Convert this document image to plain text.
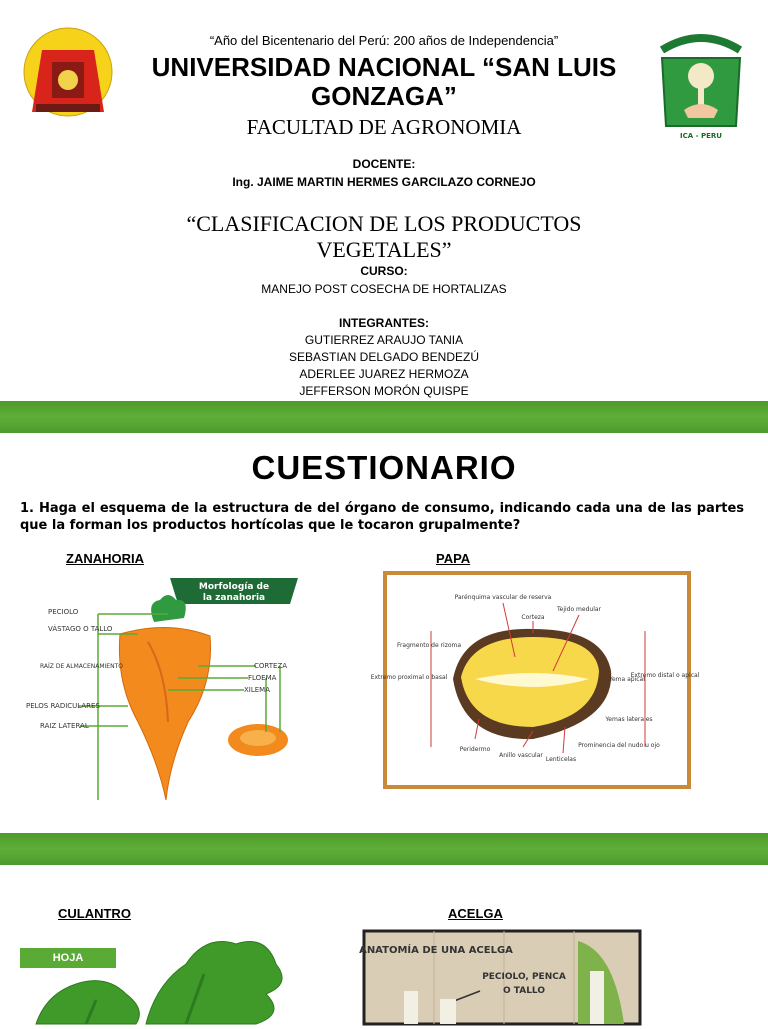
ICA - PERU
“Año del Bicentenario del Perú: 200 años de Independencia”
UNIVERSIDAD NACIONAL “SAN LUIS GONZAGA”
FACULTAD DE AGRONOMIA
DOCENTE:
Ing. JAIME MARTIN HERMES GARCILAZO CORNEJO
“CLASIFICACION DE LOS PRODUCTOS VEGETALES”
CURSO:
MANEJO POST COSECHA DE HORTALIZAS
INTEGRANTES:
GUTIERREZ ARAUJO TANIA
SEBASTIAN DELGADO BENDEZÚ
ADERLEE JUAREZ HERMOZA
JEFFERSON MORÓN QUISPE
CUESTIONARIO
1. Haga el esquema de la estructura de del órgano de consumo, indicando cada una de las partes que la forman los productos hortícolas que le tocaron grupalmente?
ZANAHORIA
Morfología de
la zanahoria
PECIOLO
VÁSTAGO O TALLO
RAÍZ DE ALMACENAMIENTO
PELOS RADICULARES
RAIZ LATERAL
CORTEZA
FLOEMA
XILEMA
PAPA
Parénquima vascular de reserva
Corteza
Tejido medular
Fragmento de rizoma
Extremo proximal o basal	Yema apical
Extremo distal o apical
Yemas laterales
Prominencia del nudo u ojo
Peridermo
Anillo vascular
Lenticelas
CULANTRO
HOJA
ACELGA
ANATOMÍA DE UNA ACELGA
PECIOLO, PENCA
O TALLO
